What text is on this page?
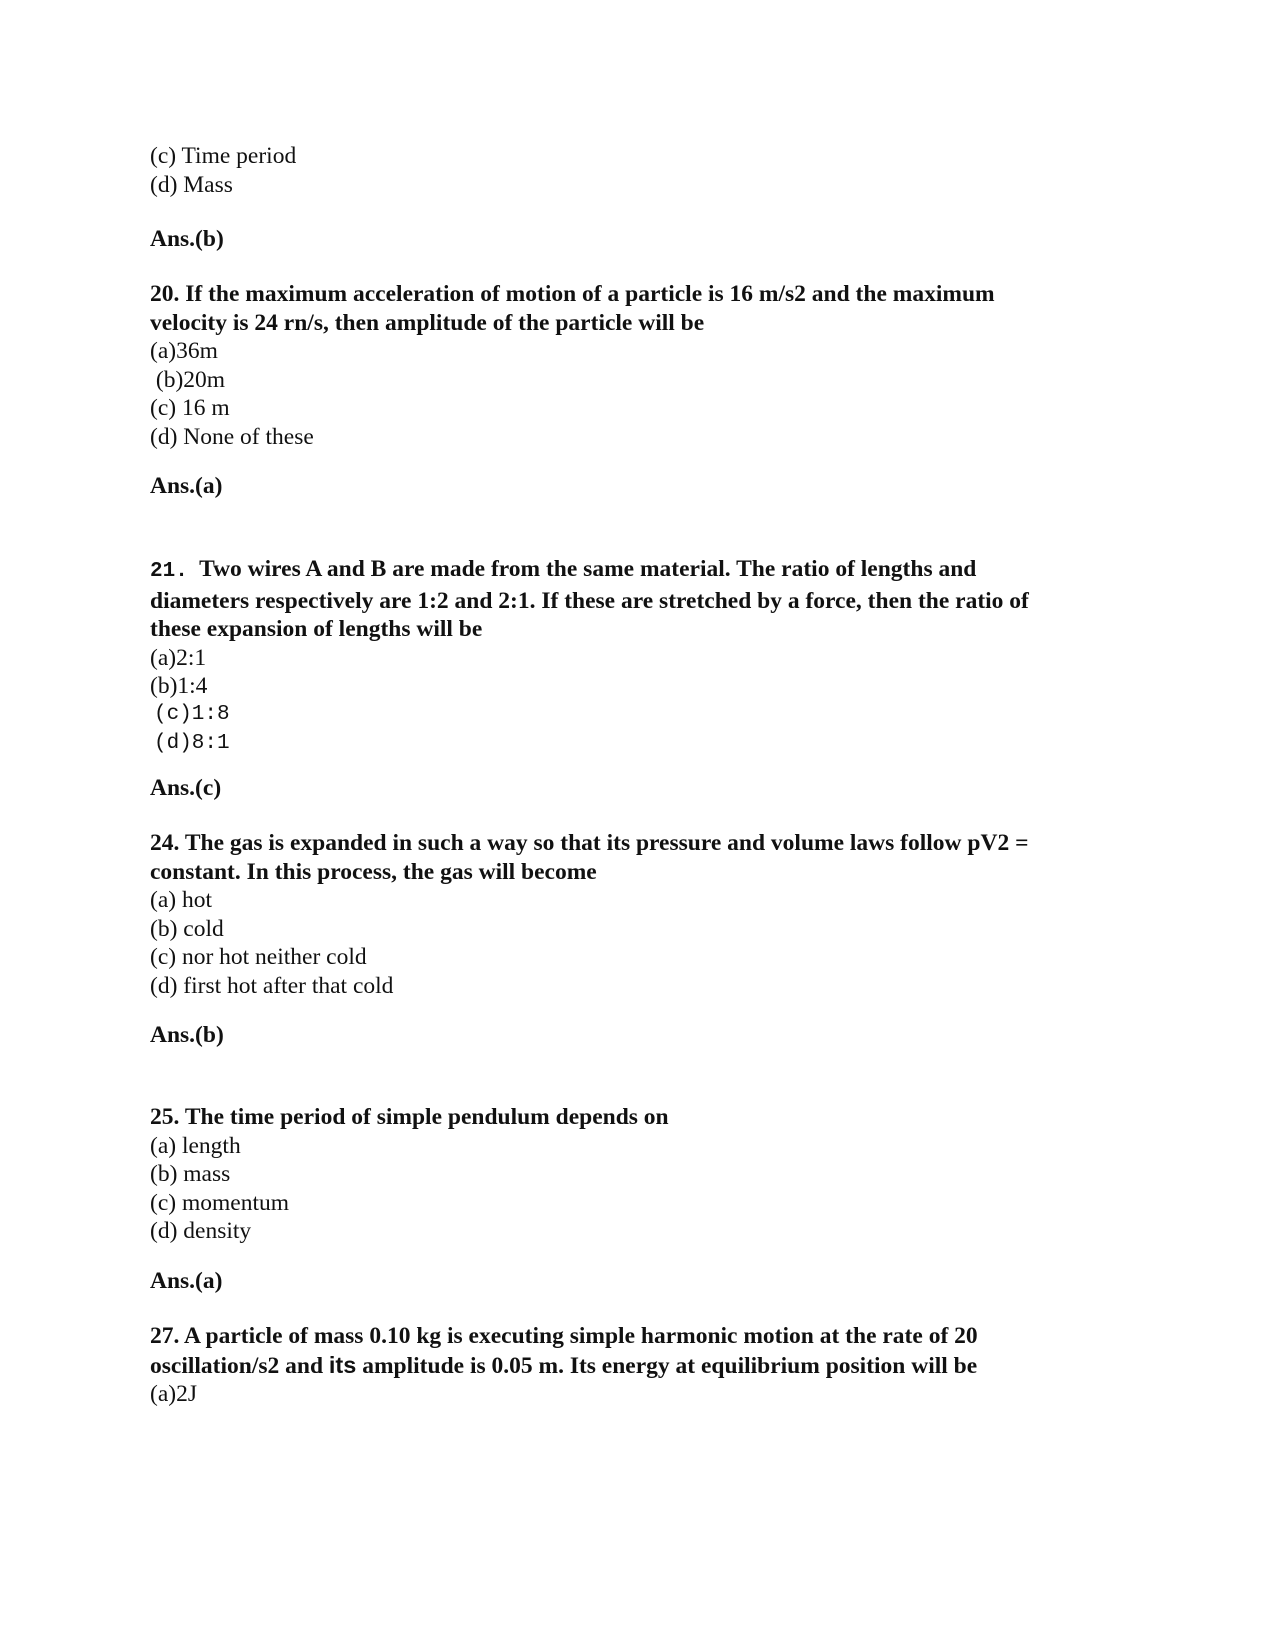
(c) Time period
(d) Mass
Ans.(b)
20. If the maximum acceleration of motion of a particle is 16 m/s2 and the maximum
velocity is 24 rn/s, then amplitude of the particle will be
(a)36m
(b)20m
(c) 16 m
(d) None of these
Ans.(a)
21. Two wires A and B are made from the same material. The ratio of lengths and
diameters respectively are 1:2 and 2:1. If these are stretched by a force, then the ratio of
these expansion of lengths will be
(a)2:1
(b)1:4
(c)1:8
(d)8:1
Ans.(c)
24. The gas is expanded in such a way so that its pressure and volume laws follow pV2 =
constant. In this process, the gas will become
(a) hot
(b) cold
(c) nor hot neither cold
(d) first hot after that cold
Ans.(b)
25. The time period of simple pendulum depends on
(a) length
(b) mass
(c) momentum
(d) density
Ans.(a)
27. A particle of mass 0.10 kg is executing simple harmonic motion at the rate of 20
oscillation/s2 and its amplitude is 0.05 m. Its energy at equilibrium position will be
(a)2J
